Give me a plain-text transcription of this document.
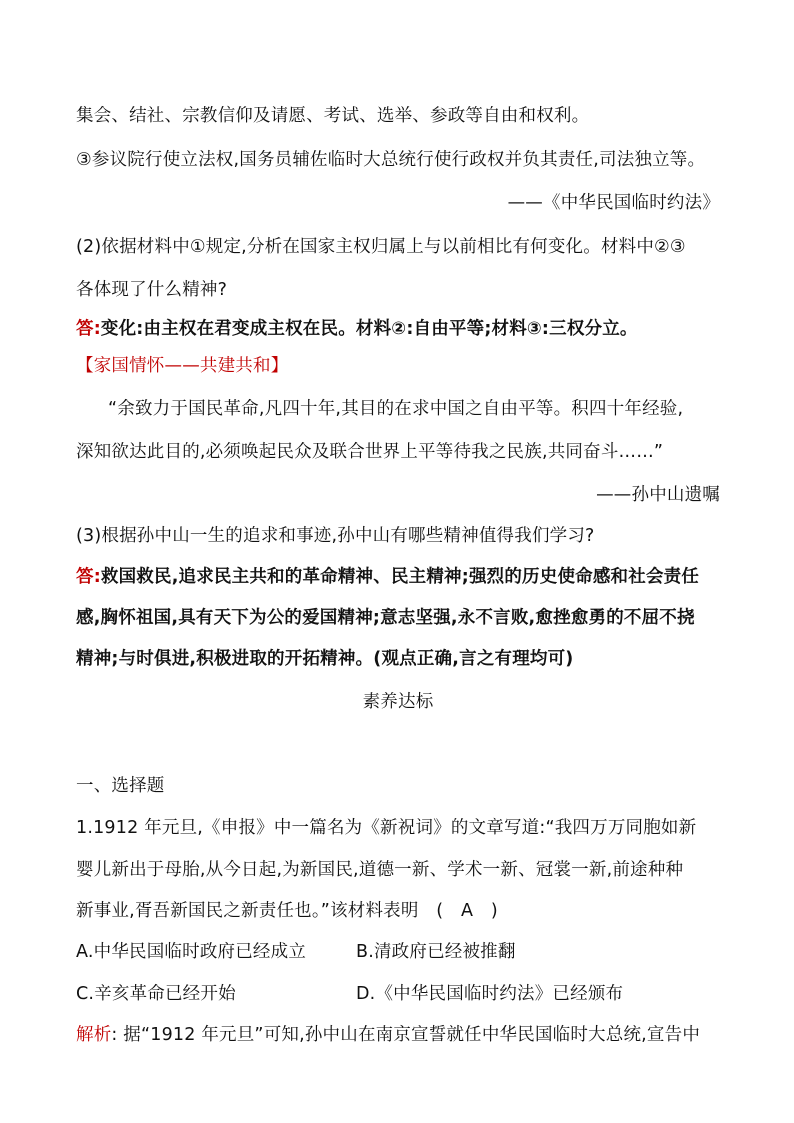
集会、结社、宗教信仰及请愿、考试、选举、参政等自由和权利。
③参议院行使立法权,国务员辅佐临时大总统行使行政权并负其责任,司法独立等。
——《中华民国临时约法》
(2)依据材料中①规定,分析在国家主权归属上与以前相比有何变化。材料中②③
各体现了什么精神?
答:变化:由主权在君变成主权在民。材料②:自由平等;材料③:三权分立。
【家国情怀——共建共和】
“余致力于国民革命,凡四十年,其目的在求中国之自由平等。积四十年经验,
深知欲达此目的,必须唤起民众及联合世界上平等待我之民族,共同奋斗……”
——孙中山遗嘱
(3)根据孙中山一生的追求和事迹,孙中山有哪些精神值得我们学习?
答:救国救民,追求民主共和的革命精神、民主精神;强烈的历史使命感和社会责任
感,胸怀祖国,具有天下为公的爱国精神;意志坚强,永不言败,愈挫愈勇的不屈不挠
精神;与时俱进,积极进取的开拓精神。(观点正确,言之有理均可)
素养达标
一、选择题
1.1912 年元旦,《申报》中一篇名为《新祝词》的文章写道:“我四万万同胞如新
婴儿新出于母胎,从今日起,为新国民,道德一新、学术一新、冠裳一新,前途种种
新事业,胥吾新国民之新责任也。”该材料表明　(　A　)
A.中华民国临时政府已经成立	B.清政府已经被推翻
C.辛亥革命已经开始	D.《中华民国临时约法》已经颁布
解析: 据“1912 年元旦”可知,孙中山在南京宣誓就任中华民国临时大总统,宣告中
